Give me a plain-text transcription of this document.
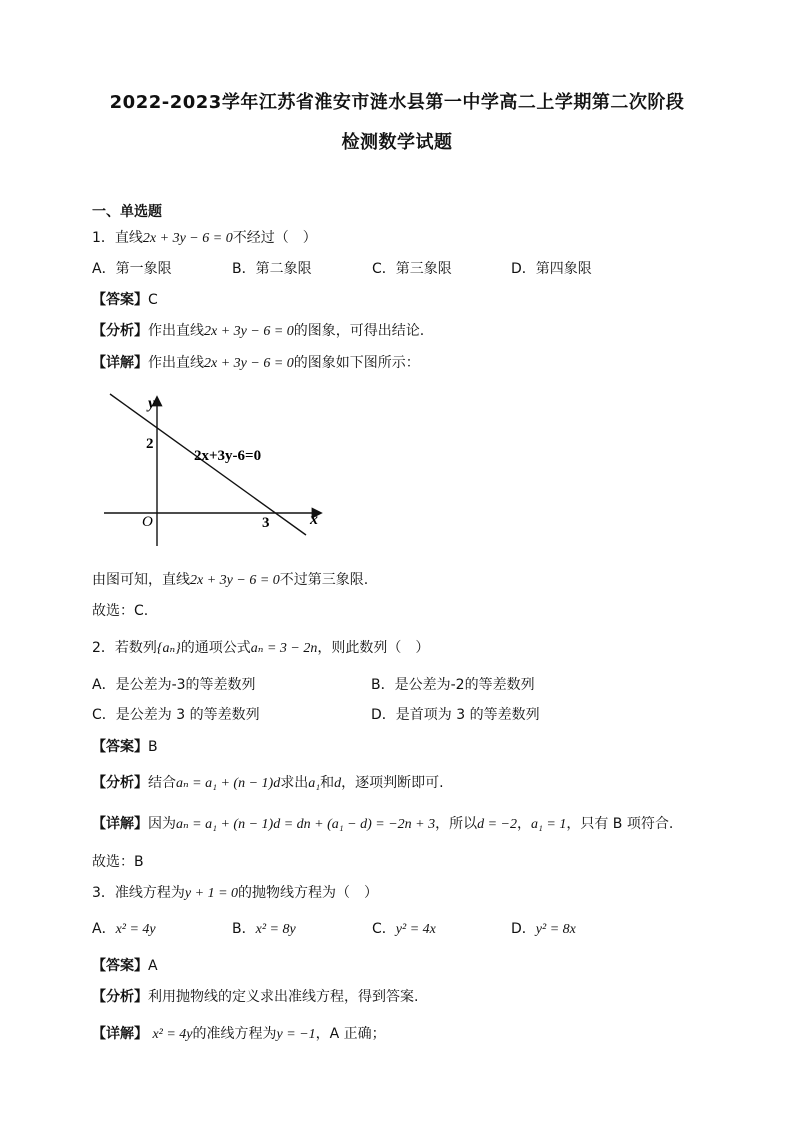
2022-2023学年江苏省淮安市涟水县第一中学高二上学期第二次阶段
检测数学试题
一、单选题
1．直线2x + 3y − 6 = 0不经过（　）
A．第一象限	B．第二象限	C．第三象限	D．第四象限
【答案】C
【分析】作出直线2x + 3y − 6 = 0的图象，可得出结论.
【详解】作出直线2x + 3y − 6 = 0的图象如下图所示：
y
x
O
2
3
2x+3y-6=0
由图可知，直线2x + 3y − 6 = 0不过第三象限.
故选：C.
2．若数列{aₙ}的通项公式aₙ = 3 − 2n，则此数列（　）
A．是公差为-3的等差数列	B．是公差为-2的等差数列
C．是公差为 3 的等差数列	D．是首项为 3 的等差数列
【答案】B
【分析】结合aₙ = a₁ + (n − 1)d求出a₁和d，逐项判断即可.
【详解】因为aₙ = a₁ + (n − 1)d = dn + (a₁ − d) = −2n + 3，所以d = −2，a₁ = 1，只有 B 项符合.
故选：B
3．准线方程为y + 1 = 0的抛物线方程为（　）
A．x² = 4y	B．x² = 8y	C．y² = 4x	D．y² = 8x
【答案】A
【分析】利用抛物线的定义求出准线方程，得到答案.
【详解】 x² = 4y的准线方程为y = −1，A 正确；
